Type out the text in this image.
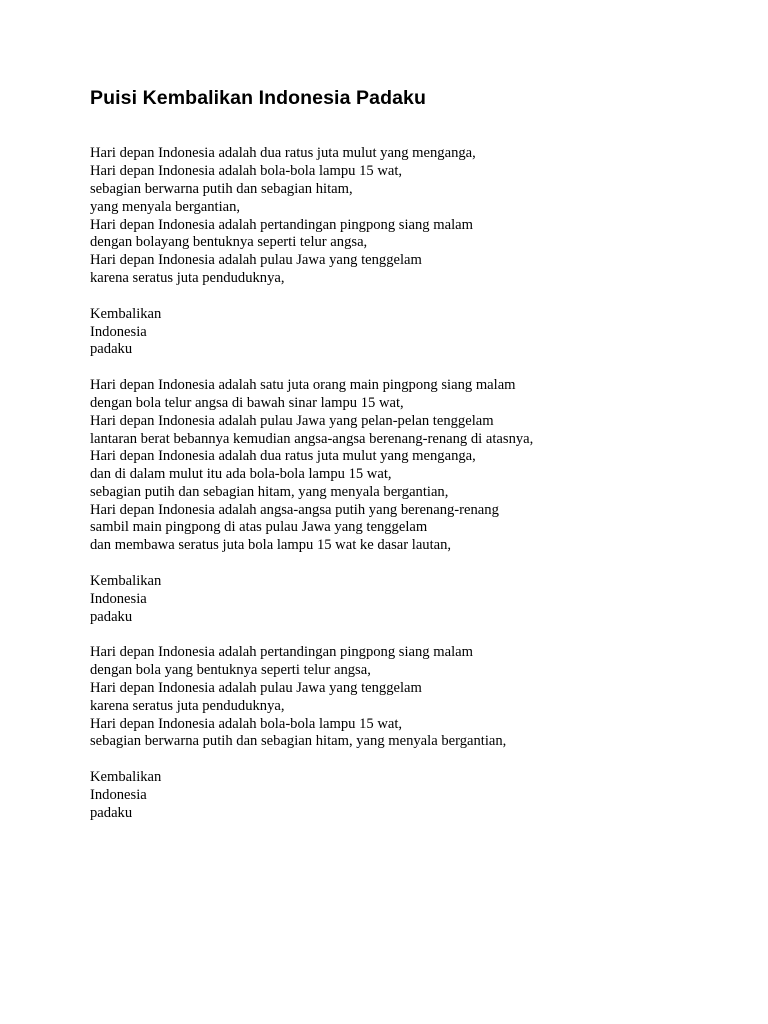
Puisi Kembalikan Indonesia Padaku
Hari depan Indonesia adalah dua ratus juta mulut yang menganga,
Hari depan Indonesia adalah bola-bola lampu 15 wat,
sebagian berwarna putih dan sebagian hitam,
yang menyala bergantian,
Hari depan Indonesia adalah pertandingan pingpong siang malam
dengan bolayang bentuknya seperti telur angsa,
Hari depan Indonesia adalah pulau Jawa yang tenggelam
karena seratus juta penduduknya,
Kembalikan
Indonesia
padaku
Hari depan Indonesia adalah satu juta orang main pingpong siang malam
dengan bola telur angsa di bawah sinar lampu 15 wat,
Hari depan Indonesia adalah pulau Jawa yang pelan-pelan tenggelam
lantaran berat bebannya kemudian angsa-angsa berenang-renang di atasnya,
Hari depan Indonesia adalah dua ratus juta mulut yang menganga,
dan di dalam mulut itu ada bola-bola lampu 15 wat,
sebagian putih dan sebagian hitam, yang menyala bergantian,
Hari depan Indonesia adalah angsa-angsa putih yang berenang-renang
sambil main pingpong di atas pulau Jawa yang tenggelam
dan membawa seratus juta bola lampu 15 wat ke dasar lautan,
Kembalikan
Indonesia
padaku
Hari depan Indonesia adalah pertandingan pingpong siang malam
dengan bola yang bentuknya seperti telur angsa,
Hari depan Indonesia adalah pulau Jawa yang tenggelam
karena seratus juta penduduknya,
Hari depan Indonesia adalah bola-bola lampu 15 wat,
sebagian berwarna putih dan sebagian hitam, yang menyala bergantian,
Kembalikan
Indonesia
padaku
